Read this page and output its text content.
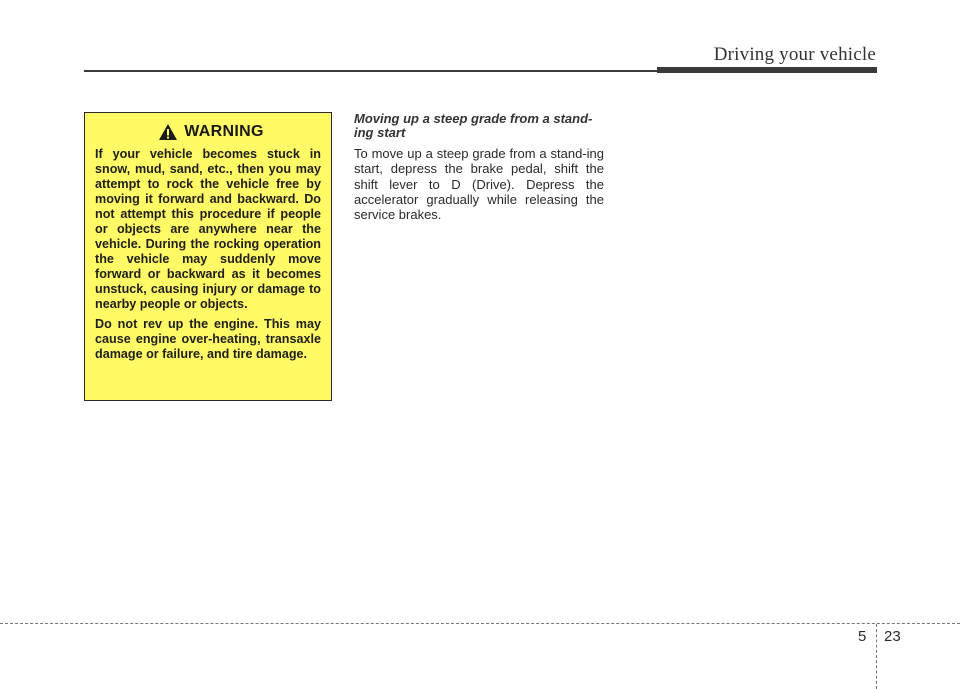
Driving your vehicle
WARNING

If your vehicle becomes stuck in snow, mud, sand, etc., then you may attempt to rock the vehicle free by moving it forward and backward. Do not attempt this procedure if people or objects are anywhere near the vehicle. During the rocking operation the vehicle may suddenly move forward or backward as it becomes unstuck, causing injury or damage to nearby people or objects.

Do not rev up the engine. This may cause engine over-heating, transaxle damage or failure, and tire damage.

Moving up a steep grade from a stand-ing start

To move up a steep grade from a stand-ing start, depress the brake pedal, shift the shift lever to D (Drive). Depress the accelerator gradually while releasing the service brakes.

5 23
